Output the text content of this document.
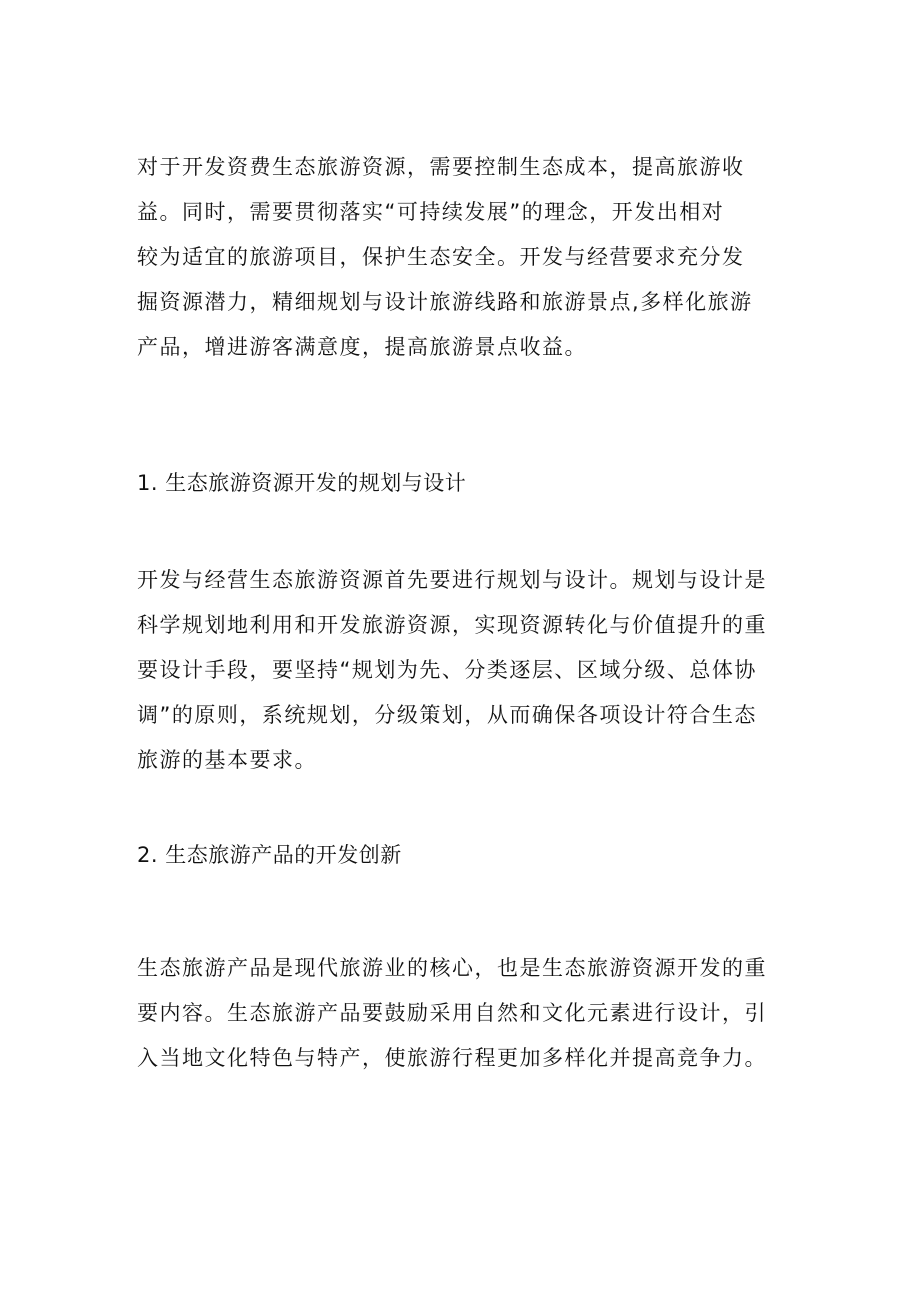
对于开发资费生态旅游资源，需要控制生态成本，提高旅游收
益。同时，需要贯彻落实“可持续发展”的理念，开发出相对
较为适宜的旅游项目，保护生态安全。开发与经营要求充分发
掘资源潜力，精细规划与设计旅游线路和旅游景点,多样化旅游
产品，增进游客满意度，提高旅游景点收益。
1. 生态旅游资源开发的规划与设计
开发与经营生态旅游资源首先要进行规划与设计。规划与设计是
科学规划地利用和开发旅游资源，实现资源转化与价值提升的重
要设计手段，要坚持“规划为先、分类逐层、区域分级、总体协
调”的原则，系统规划，分级策划，从而确保各项设计符合生态
旅游的基本要求。
2. 生态旅游产品的开发创新
生态旅游产品是现代旅游业的核心，也是生态旅游资源开发的重
要内容。生态旅游产品要鼓励采用自然和文化元素进行设计，引
入当地文化特色与特产，使旅游行程更加多样化并提高竞争力。
